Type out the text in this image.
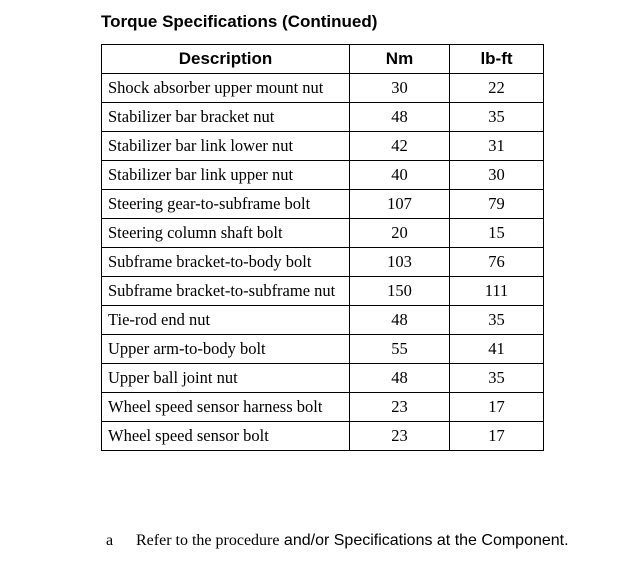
Torque Specifications (Continued)
Description	Nm	lb-ft
Shock absorber upper mount nut	30	22
Stabilizer bar bracket nut	48	35
Stabilizer bar link lower nut	42	31
Stabilizer bar link upper nut	40	30
Steering gear-to-subframe bolt	107	79
Steering column shaft bolt	20	15
Subframe bracket-to-body bolt	103	76
Subframe bracket-to-subframe nut	150	111
Tie-rod end nut	48	35
Upper arm-to-body bolt	55	41
Upper ball joint nut	48	35
Wheel speed sensor harness bolt	23	17
Wheel speed sensor bolt	23	17
a Refer to the procedure and/or Specifications at the Component.
